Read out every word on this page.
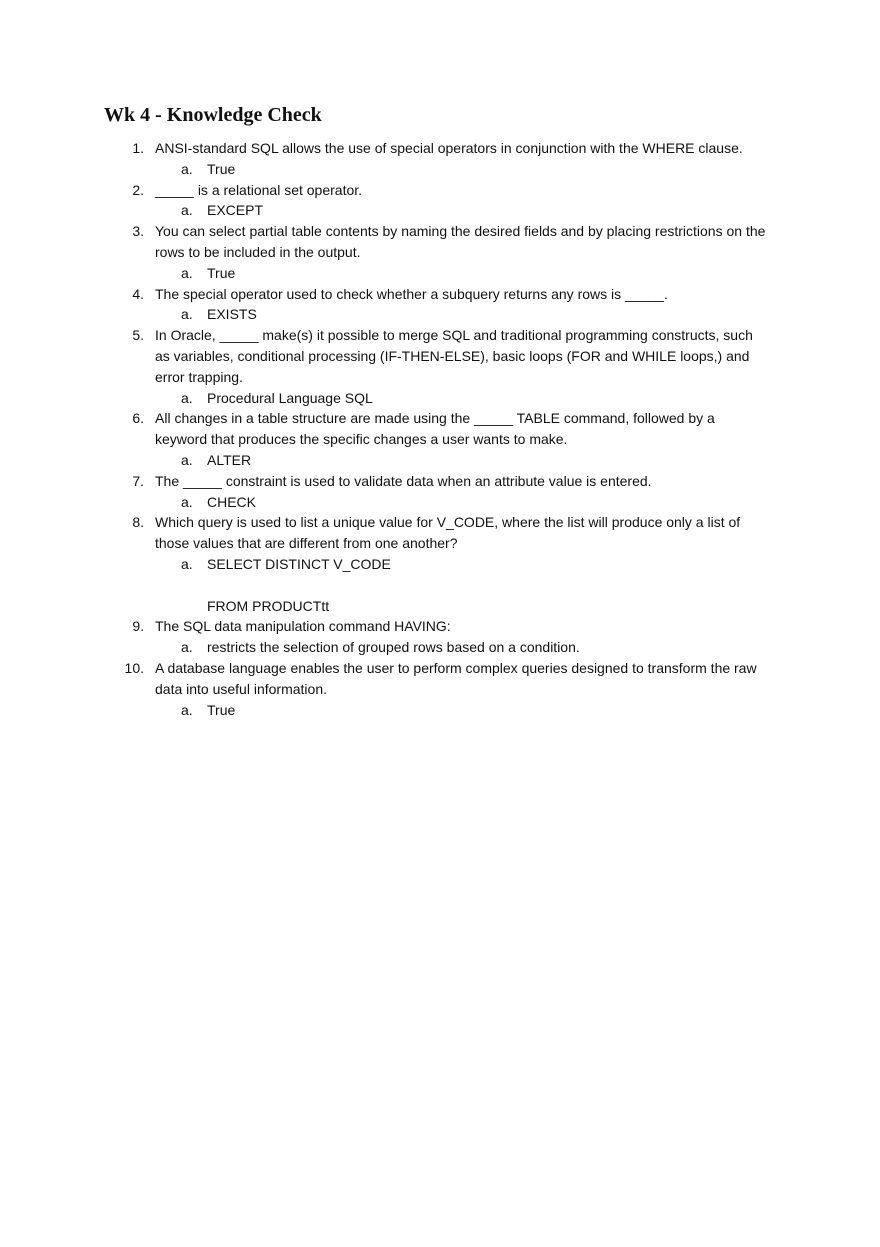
Wk 4 - Knowledge Check
1. ANSI-standard SQL allows the use of special operators in conjunction with the WHERE clause.
a. True
2. _____ is a relational set operator.
a. EXCEPT
3. You can select partial table contents by naming the desired fields and by placing restrictions on the rows to be included in the output.
a. True
4. The special operator used to check whether a subquery returns any rows is _____.
a. EXISTS
5. In Oracle, _____ make(s) it possible to merge SQL and traditional programming constructs, such as variables, conditional processing (IF-THEN-ELSE), basic loops (FOR and WHILE loops,) and error trapping.
a. Procedural Language SQL
6. All changes in a table structure are made using the _____ TABLE command, followed by a keyword that produces the specific changes a user wants to make.
a. ALTER
7. The _____ constraint is used to validate data when an attribute value is entered.
a. CHECK
8. Which query is used to list a unique value for V_CODE, where the list will produce only a list of those values that are different from one another?
a. SELECT DISTINCT V_CODE
FROM PRODUCTtt
9. The SQL data manipulation command HAVING:
a. restricts the selection of grouped rows based on a condition.
10. A database language enables the user to perform complex queries designed to transform the raw data into useful information.
a. True
